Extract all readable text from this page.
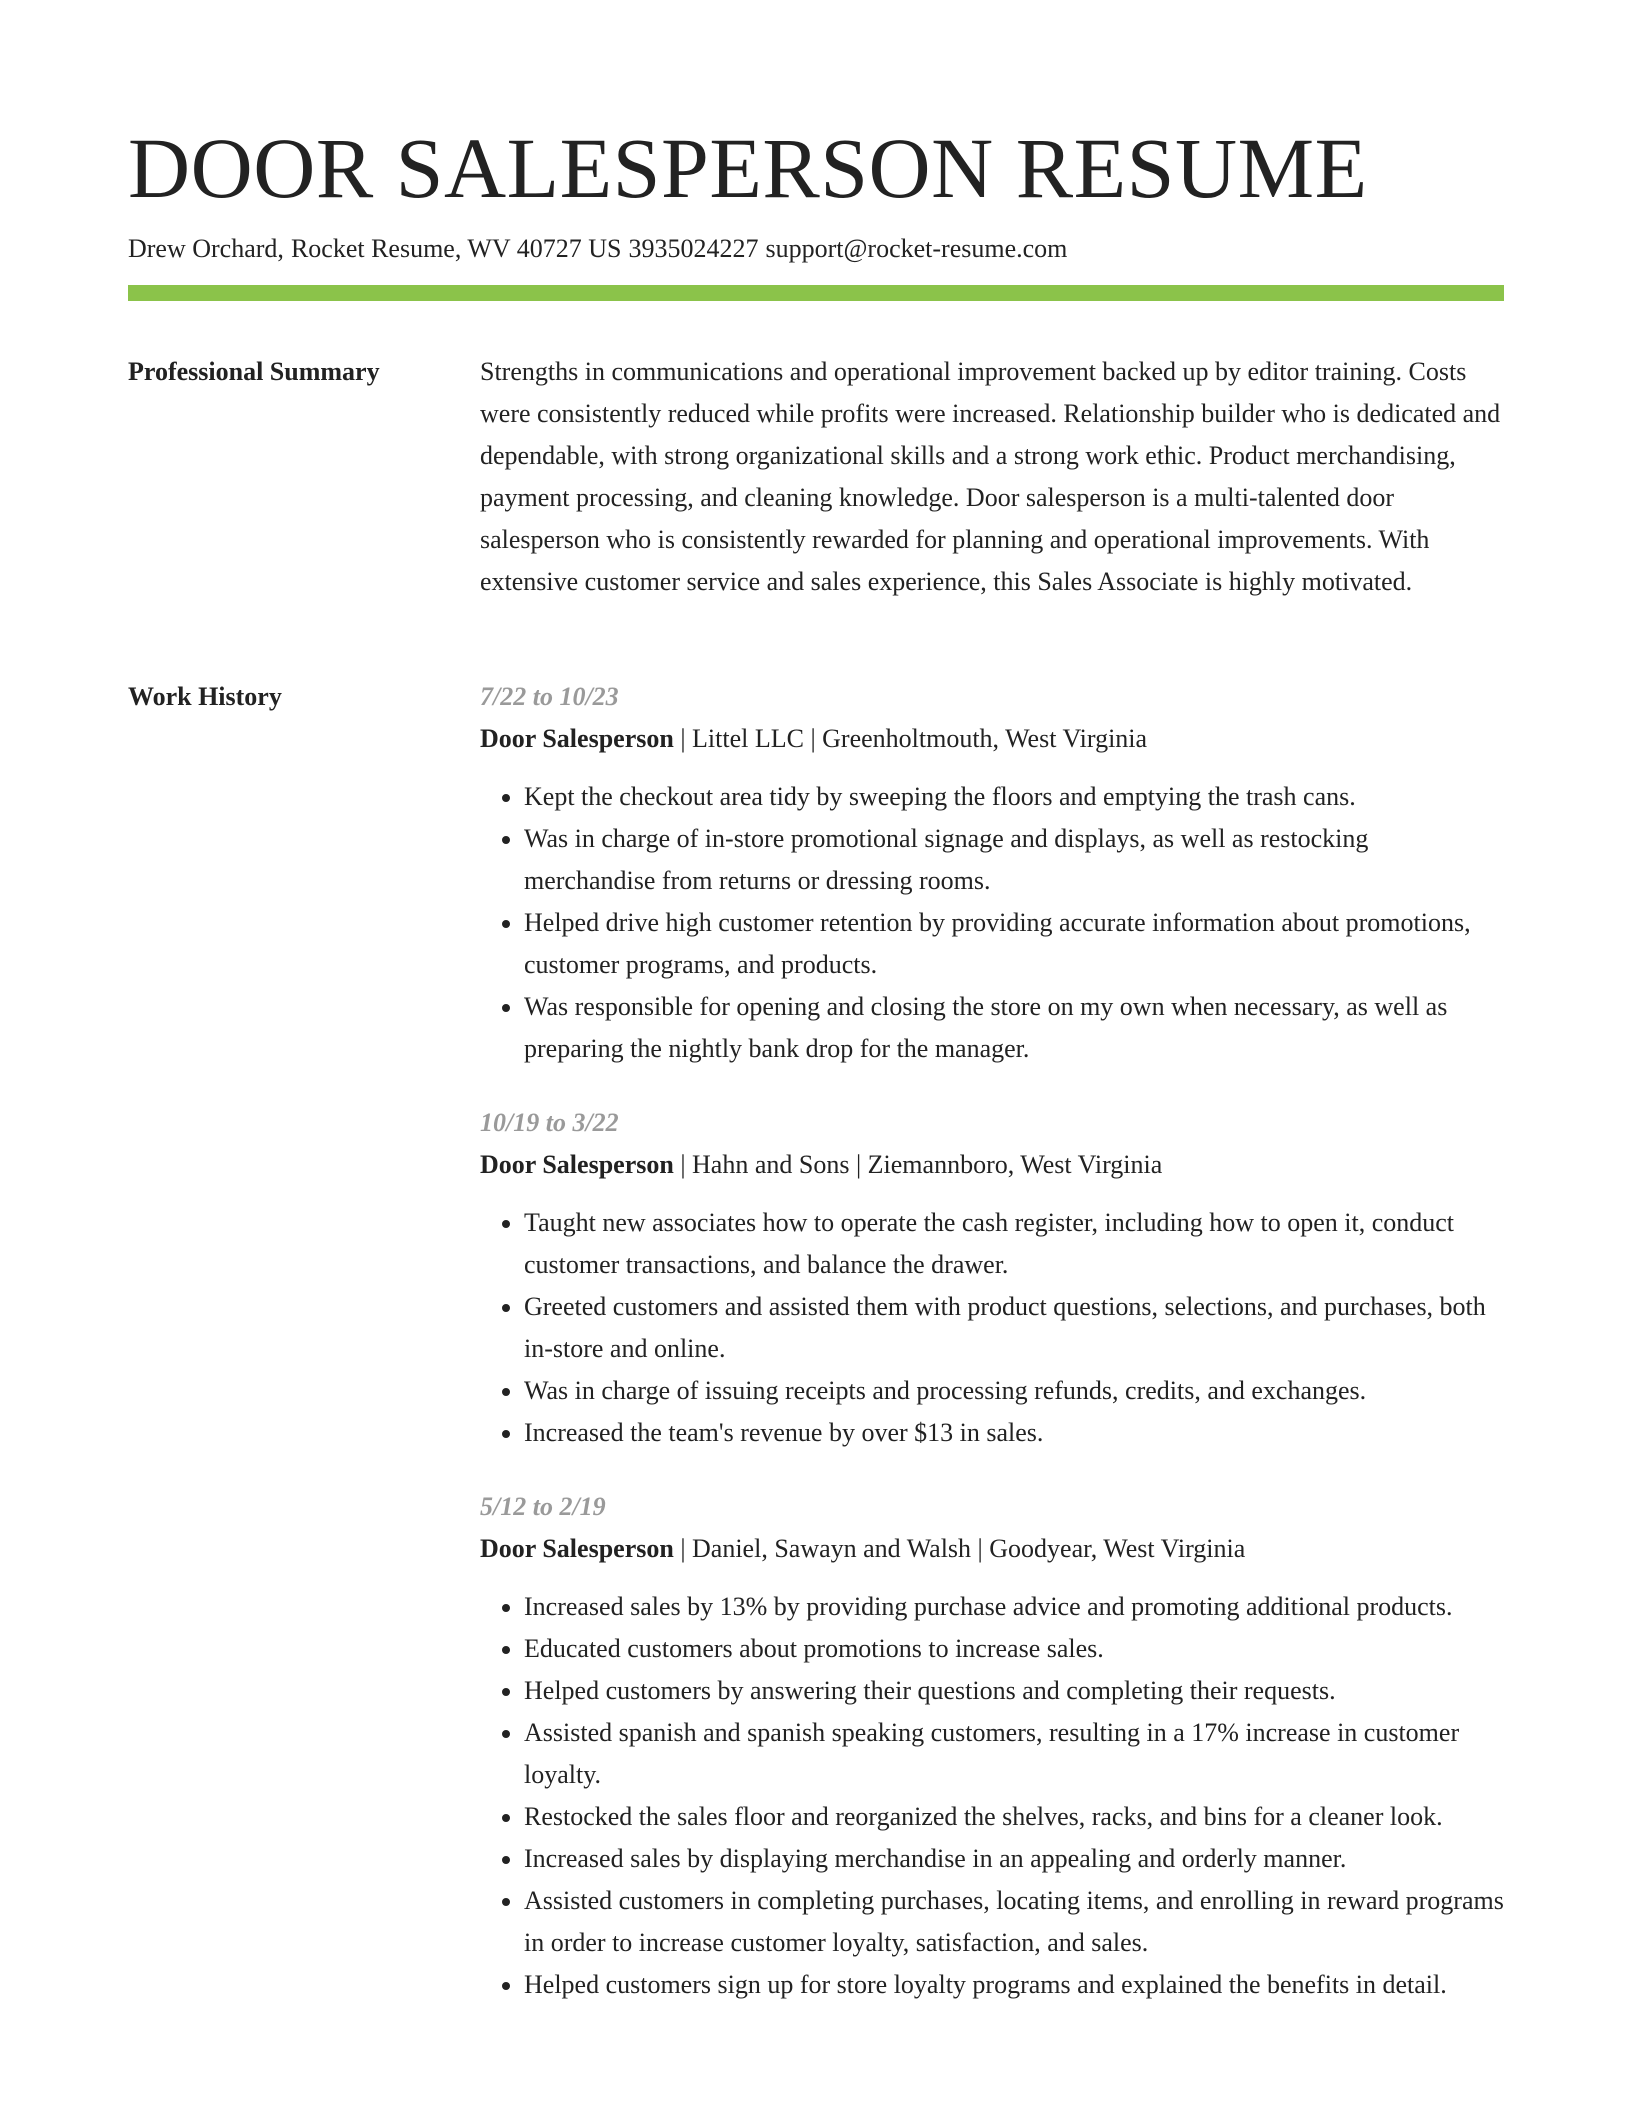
DOOR SALESPERSON RESUME
Drew Orchard, Rocket Resume, WV 40727 US 3935024227 support@rocket-resume.com
Professional Summary	Strengths in communications and operational improvement backed up by editor training. Costs were consistently reduced while profits were increased. Relationship builder who is dedicated and dependable, with strong organizational skills and a strong work ethic. Product merchandising, payment processing, and cleaning knowledge. Door salesperson is a multi-talented door salesperson who is consistently rewarded for planning and operational improvements. With extensive customer service and sales experience, this Sales Associate is highly motivated.

Work History	7/22 to 10/23
Door Salesperson | Littel LLC | Greenholtmouth, West Virginia
• Kept the checkout area tidy by sweeping the floors and emptying the trash cans.
• Was in charge of in-store promotional signage and displays, as well as restocking merchandise from returns or dressing rooms.
• Helped drive high customer retention by providing accurate information about promotions, customer programs, and products.
• Was responsible for opening and closing the store on my own when necessary, as well as preparing the nightly bank drop for the manager.
10/19 to 3/22
Door Salesperson | Hahn and Sons | Ziemannboro, West Virginia
• Taught new associates how to operate the cash register, including how to open it, conduct customer transactions, and balance the drawer.
• Greeted customers and assisted them with product questions, selections, and purchases, both in-store and online.
• Was in charge of issuing receipts and processing refunds, credits, and exchanges.
• Increased the team's revenue by over $13 in sales.
5/12 to 2/19
Door Salesperson | Daniel, Sawayn and Walsh | Goodyear, West Virginia
• Increased sales by 13% by providing purchase advice and promoting additional products.
• Educated customers about promotions to increase sales.
• Helped customers by answering their questions and completing their requests.
• Assisted spanish and spanish speaking customers, resulting in a 17% increase in customer loyalty.
• Restocked the sales floor and reorganized the shelves, racks, and bins for a cleaner look.
• Increased sales by displaying merchandise in an appealing and orderly manner.
• Assisted customers in completing purchases, locating items, and enrolling in reward programs in order to increase customer loyalty, satisfaction, and sales.
• Helped customers sign up for store loyalty programs and explained the benefits in detail.
